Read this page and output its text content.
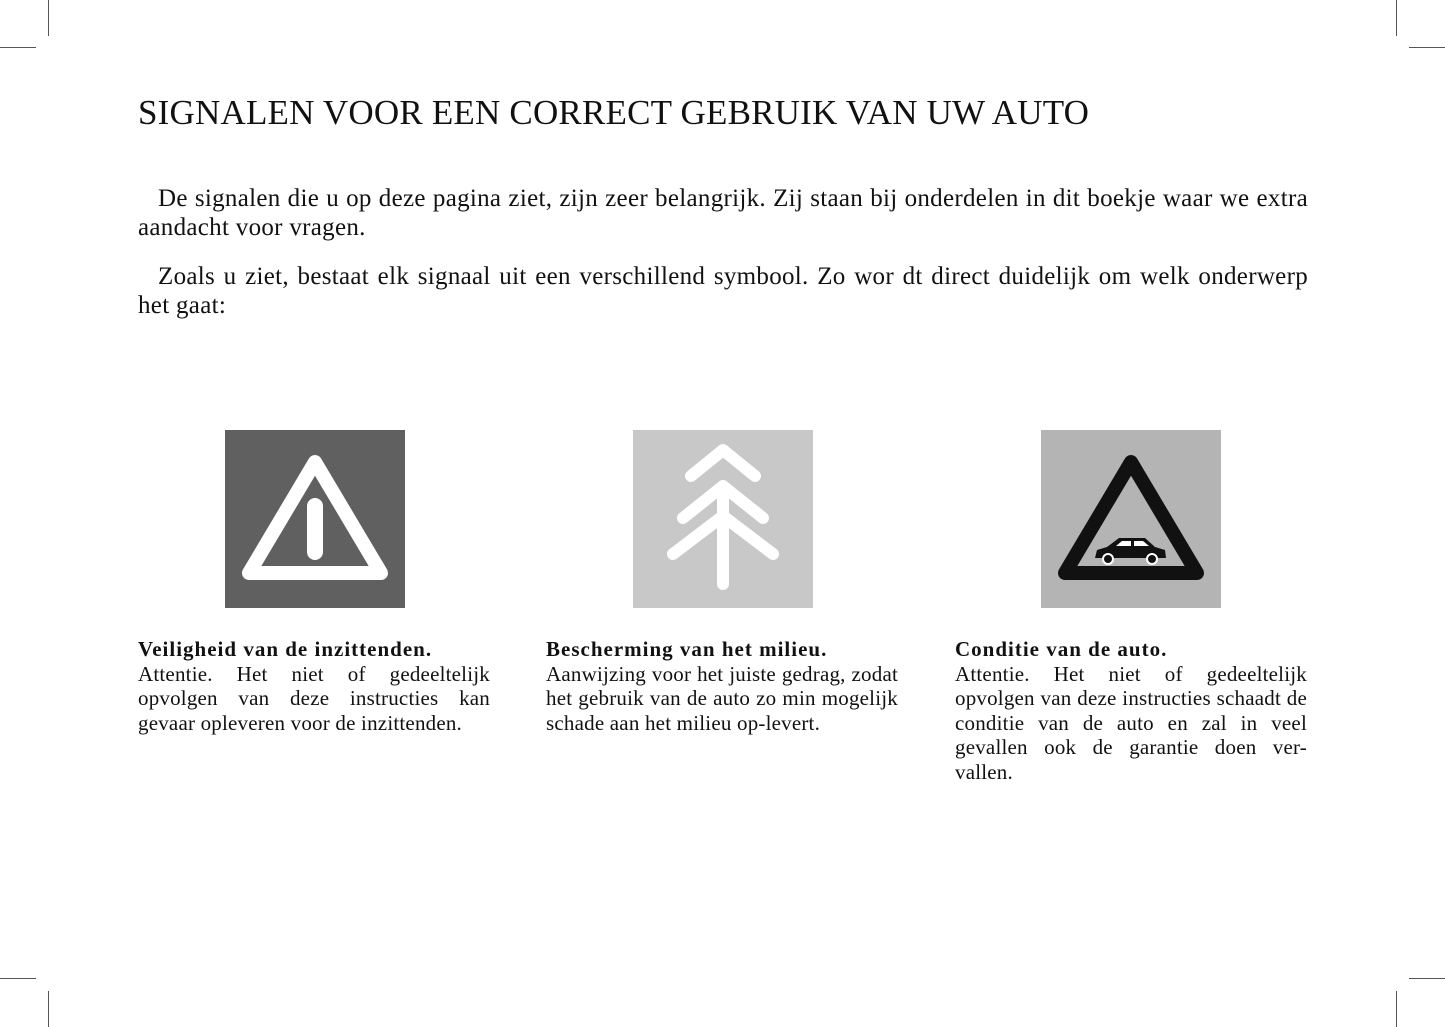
SIGNALEN VOOR EEN CORRECT GEBRUIK VAN UW AUTO

De signalen die u op deze pagina ziet, zijn zeer belangrijk. Zij staan bij onderdelen in dit boekje waar we extra aandacht voor vragen.

Zoals u ziet, bestaat elk signaal uit een verschillend symbool. Zo wor dt direct duidelijk om welk onderwerp het gaat:

Veiligheid van de inzittenden.
Attentie. Het niet of gedeeltelijk opvolgen van deze instructies kan gevaar opleveren voor de inzittenden.
Bescherming van het milieu.
Aanwijzing voor het juiste gedrag, zodat het gebruik van de auto zo min mogelijk schade aan het milieu op-levert.
Conditie van de auto.
Attentie. Het niet of gedeeltelijk opvolgen van deze instructies schaadt de conditie van de auto en zal in veel gevallen ook de garantie doen ver-vallen.
